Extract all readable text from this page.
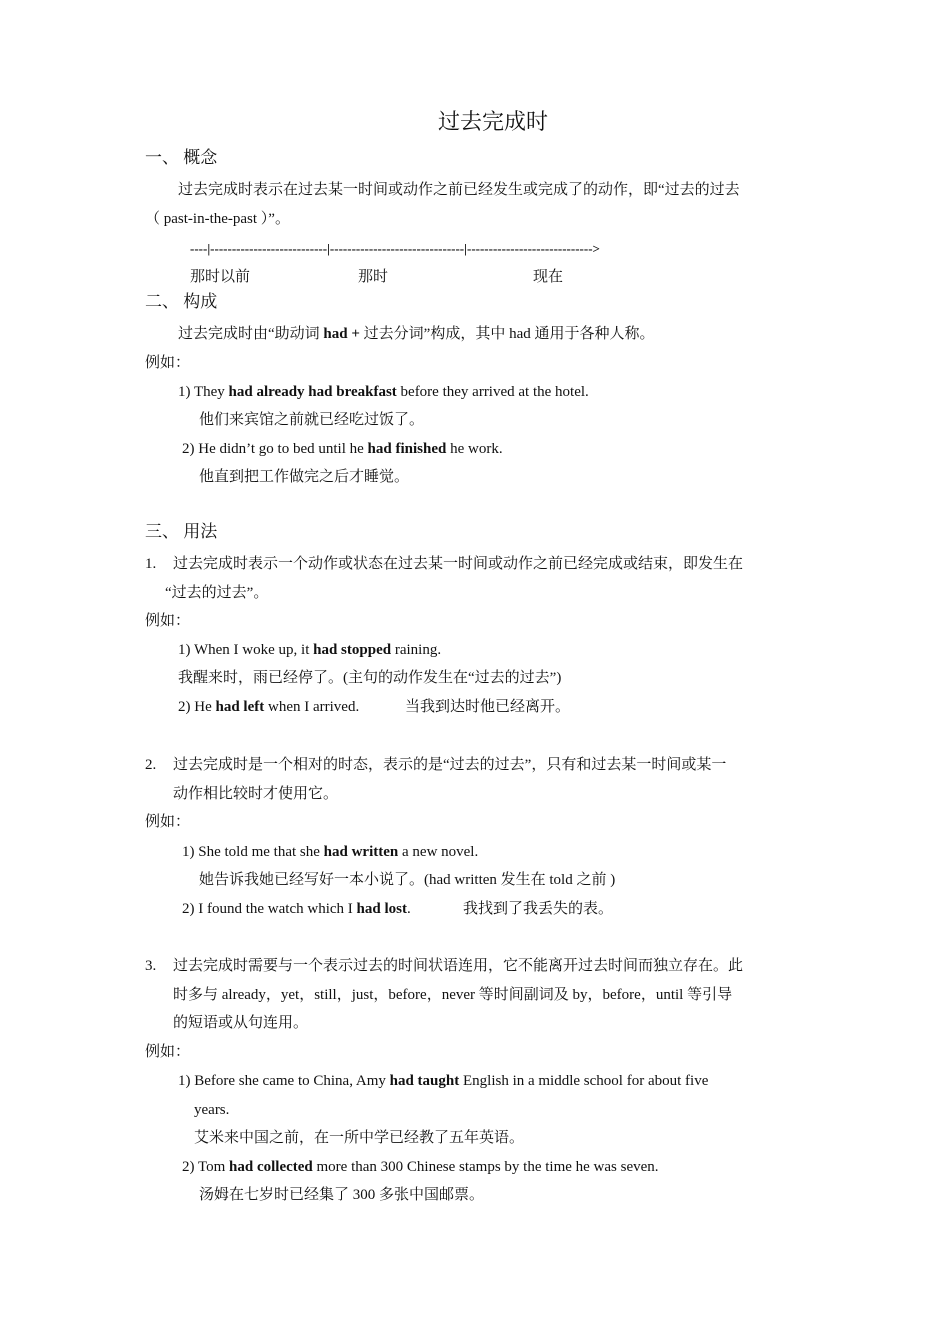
过去完成时
一、 概念
过去完成时表示在过去某一时间或动作之前已经发生或完成了的动作，即“过去的过去
（ past-in-the-past ）”。
----|---------------------------|-------------------------------|----------------------------->
那时以前	那时	现在
二、 构成
过去完成时由“助动词 had + 过去分词”构成，其中 had 通用于各种人称。
例如：
1) They had already had breakfast before they arrived at the hotel.
他们来宾馆之前就已经吃过饭了。
2) He didn’t go to bed until he had finished he work.
他直到把工作做完之后才睡觉。
三、 用法
1. 过去完成时表示一个动作或状态在过去某一时间或动作之前已经完成或结束，即发生在
“过去的过去”。
例如：
1) When I woke up, it had stopped raining.
我醒来时，雨已经停了。(主句的动作发生在“过去的过去”)
2) He had left when I arrived.	当我到达时他已经离开。
2. 过去完成时是一个相对的时态，表示的是“过去的过去”，只有和过去某一时间或某一
动作相比较时才使用它。
例如：
1) She told me that she had written a new novel.
她告诉我她已经写好一本小说了。(had written 发生在 told 之前 )
2) I found the watch which I had lost.	我找到了我丢失的表。
3. 过去完成时需要与一个表示过去的时间状语连用，它不能离开过去时间而独立存在。此
时多与 already，yet，still，just，before，never 等时间副词及 by，before，until 等引导
的短语或从句连用。
例如：
1) Before she came to China, Amy had taught English in a middle school for about five
years.
艾米来中国之前，在一所中学已经教了五年英语。
2) Tom had collected more than 300 Chinese stamps by the time he was seven.
汤姆在七岁时已经集了 300 多张中国邮票。
